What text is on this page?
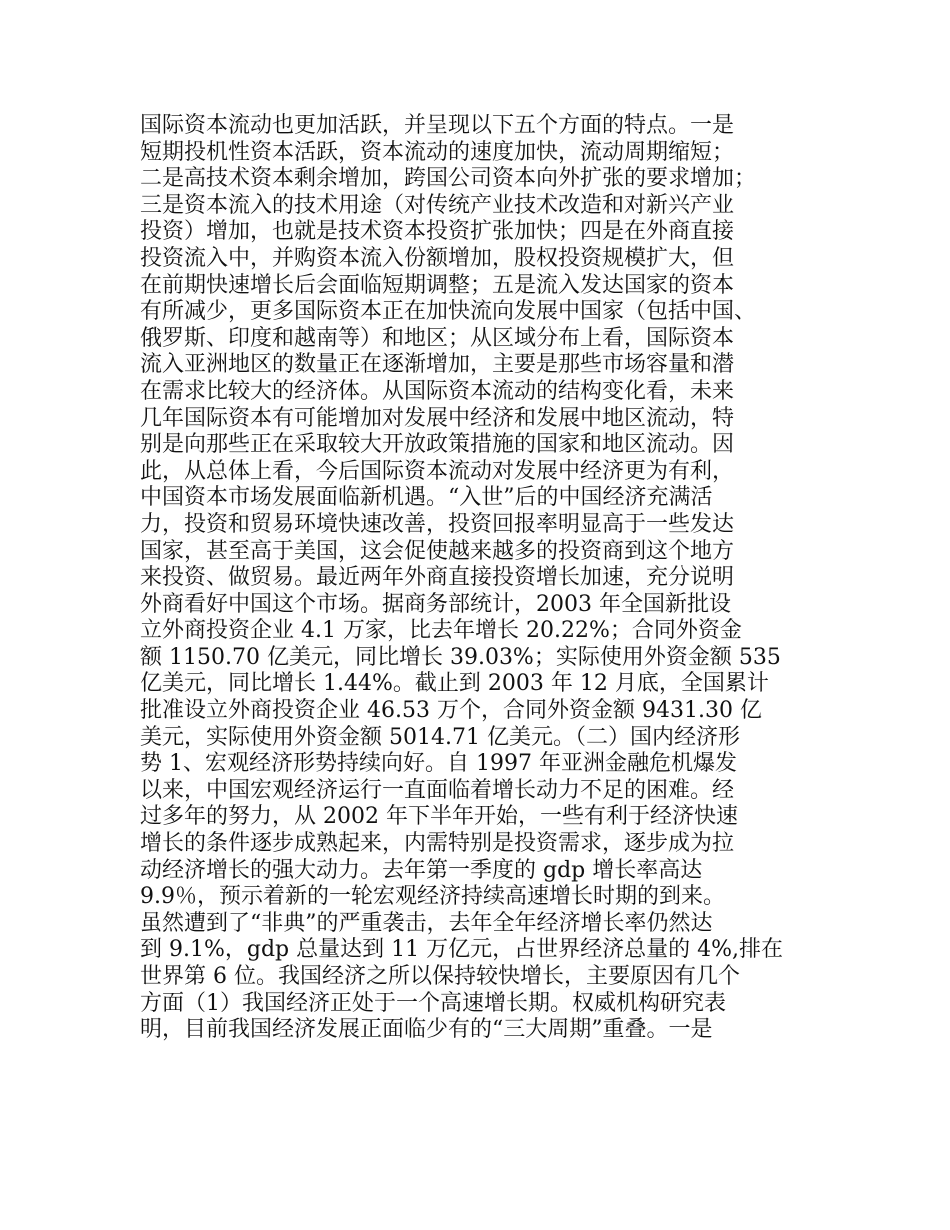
国际资本流动也更加活跃，并呈现以下五个方面的特点。一是
短期投机性资本活跃，资本流动的速度加快，流动周期缩短；
二是高技术资本剩余增加，跨国公司资本向外扩张的要求增加；
三是资本流入的技术用途（对传统产业技术改造和对新兴产业
投资）增加，也就是技术资本投资扩张加快；四是在外商直接
投资流入中，并购资本流入份额增加，股权投资规模扩大，但
在前期快速增长后会面临短期调整；五是流入发达国家的资本
有所减少，更多国际资本正在加快流向发展中国家（包括中国、
俄罗斯、印度和越南等）和地区；从区域分布上看，国际资本
流入亚洲地区的数量正在逐渐增加，主要是那些市场容量和潜
在需求比较大的经济体。从国际资本流动的结构变化看，未来
几年国际资本有可能增加对发展中经济和发展中地区流动，特
别是向那些正在采取较大开放政策措施的国家和地区流动。因
此，从总体上看，今后国际资本流动对发展中经济更为有利，
中国资本市场发展面临新机遇。“入世”后的中国经济充满活
力，投资和贸易环境快速改善，投资回报率明显高于一些发达
国家，甚至高于美国，这会促使越来越多的投资商到这个地方
来投资、做贸易。最近两年外商直接投资增长加速，充分说明
外商看好中国这个市场。据商务部统计，2003 年全国新批设
立外商投资企业 4.1 万家，比去年增长 20.22%；合同外资金
额 1150.70 亿美元，同比增长 39.03%；实际使用外资金额 535
亿美元，同比增长 1.44%。截止到 2003 年 12 月底，全国累计
批准设立外商投资企业 46.53 万个，合同外资金额 9431.30 亿
美元，实际使用外资金额 5014.71 亿美元。（二）国内经济形
势 1、宏观经济形势持续向好。自 1997 年亚洲金融危机爆发
以来，中国宏观经济运行一直面临着增长动力不足的困难。经
过多年的努力，从 2002 年下半年开始，一些有利于经济快速
增长的条件逐步成熟起来，内需特别是投资需求，逐步成为拉
动经济增长的强大动力。去年第一季度的 gdp 增长率高达
9.9％，预示着新的一轮宏观经济持续高速增长时期的到来。
虽然遭到了“非典”的严重袭击，去年全年经济增长率仍然达
到 9.1%，gdp 总量达到 11 万亿元，占世界经济总量的 4%,排在
世界第 6 位。我国经济之所以保持较快增长，主要原因有几个
方面（1）我国经济正处于一个高速增长期。权威机构研究表
明，目前我国经济发展正面临少有的“三大周期”重叠。一是
